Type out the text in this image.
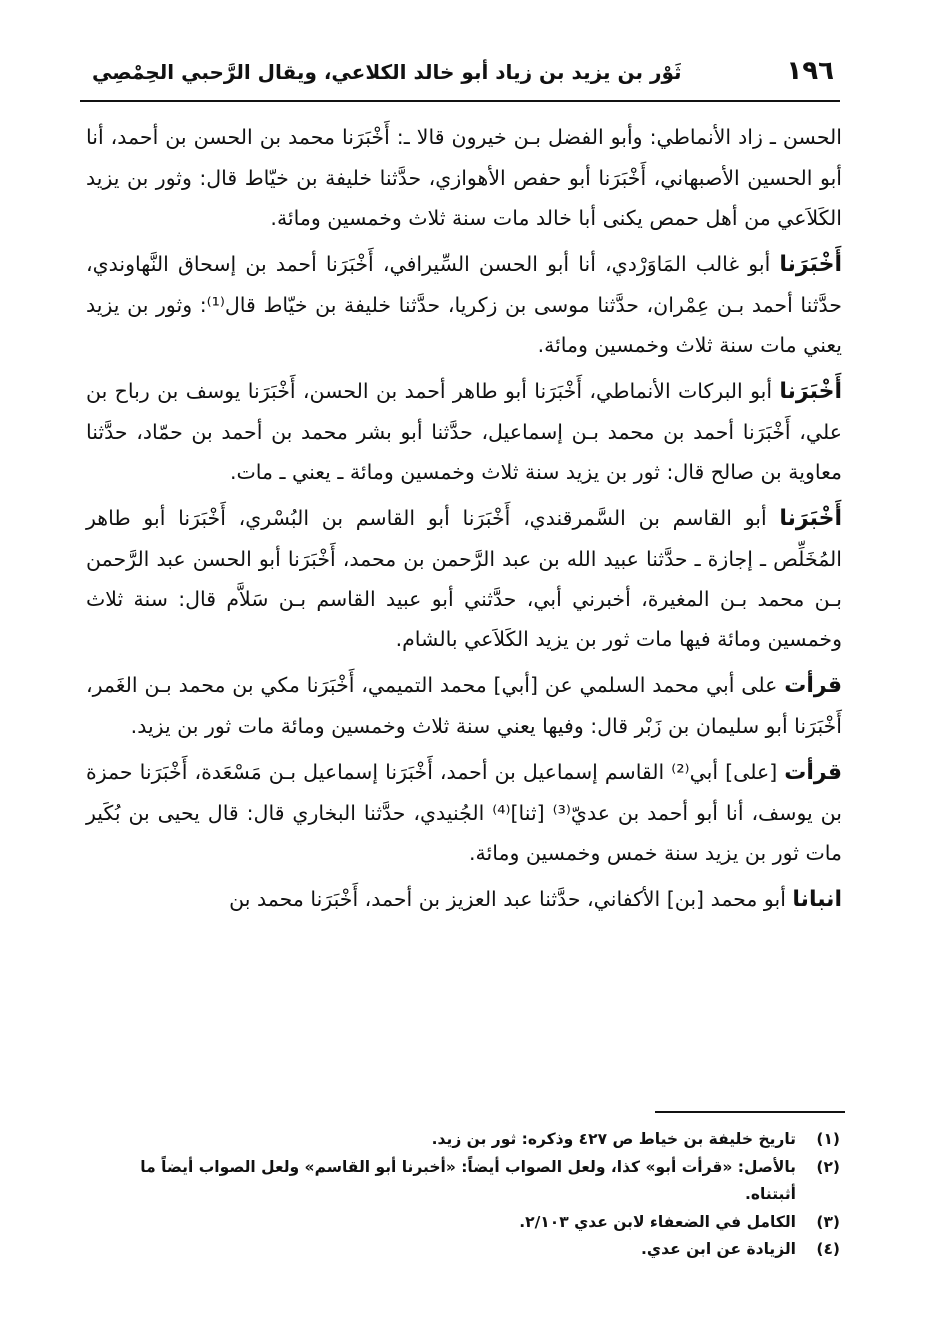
١٩٦
ثَوْر بن يزيد بن زياد أبو خالد الكلاعي، ويقال الرَّحبي الحِمْصِي

الحسن ـ زاد الأنماطي: وأبو الفضل بـن خيرون قالا ـ: أَخْبَرَنا محمد بن الحسن بن أحمد، أنا أبو الحسين الأصبهاني، أَخْبَرَنا أبو حفص الأهوازي، حدَّثنا خليفة بن خيّاط قال: وثور بن يزيد الكَلاَعي من أهل حمص يكنى أبا خالد مات سنة ثلاث وخمسين ومائة.

أَخْبَرَنا أبو غالب المَاوَرْدي، أنا أبو الحسن السِّيرافي، أَخْبَرَنا أحمد بن إسحاق النَّهاوندي، حدَّثنا أحمد بـن عِمْران، حدَّثنا موسى بن زكريا، حدَّثنا خليفة بن خيّاط قال⁽¹⁾: وثور بن يزيد يعني مات سنة ثلاث وخمسين ومائة.

أَخْبَرَنا أبو البركات الأنماطي، أَخْبَرَنا أبو طاهر أحمد بن الحسن، أَخْبَرَنا يوسف بن رباح بن علي، أَخْبَرَنا أحمد بن محمد بـن إسماعيل، حدَّثنا أبو بشر محمد بن أحمد بن حمّاد، حدَّثنا معاوية بن صالح قال: ثور بن يزيد سنة ثلاث وخمسين ومائة ـ يعني ـ مات.

أَخْبَرَنا أبو القاسم بن السَّمرقندي، أَخْبَرَنا أبو القاسم بن البُسْري، أَخْبَرَنا أبو طاهر المُخَلِّص ـ إجازة ـ حدَّثنا عبيد الله بن عبد الرَّحمن بن محمد، أَخْبَرَنا أبو الحسن عبد الرَّحمن بـن محمد بـن المغيرة، أخبرني أبي، حدَّثني أبو عبيد القاسم بـن سَلاَّم قال: سنة ثلاث وخمسين ومائة فيها مات ثور بن يزيد الكَلاَعي بالشام.

قرأت على أبي محمد السلمي عن [أبي] محمد التميمي، أَخْبَرَنا مكي بن محمد بـن الغَمر، أَخْبَرَنا أبو سليمان بن زَبْر قال: وفيها يعني سنة ثلاث وخمسين ومائة مات ثور بن يزيد.

قرأت [على] أبي⁽²⁾ القاسم إسماعيل بن أحمد، أَخْبَرَنا إسماعيل بـن مَسْعَدة، أَخْبَرَنا حمزة بن يوسف، أنا أبو أحمد بن عديّ⁽³⁾ [ثنا]⁽⁴⁾ الجُنيدي، حدَّثنا البخاري قال: قال يحيى بن بُكَير مات ثور بن يزيد سنة خمس وخمسين ومائة.

انبانا أبو محمد [بن] الأكفاني، حدَّثنا عبد العزيز بن أحمد، أَخْبَرَنا محمد بن

(١)
تاريخ خليفة بن خياط ص ٤٢٧ وذكره: ثور بن زيد.
(٢)
بالأصل: «قرأت أبو» كذا، ولعل الصواب أيضاً: «أخبرنا أبو القاسم» ولعل الصواب أيضاً ما أثبتناه.
(٣)
الكامل في الضعفاء لابن عدي ٢/١٠٣.
(٤)
الزيادة عن ابن عدي.
